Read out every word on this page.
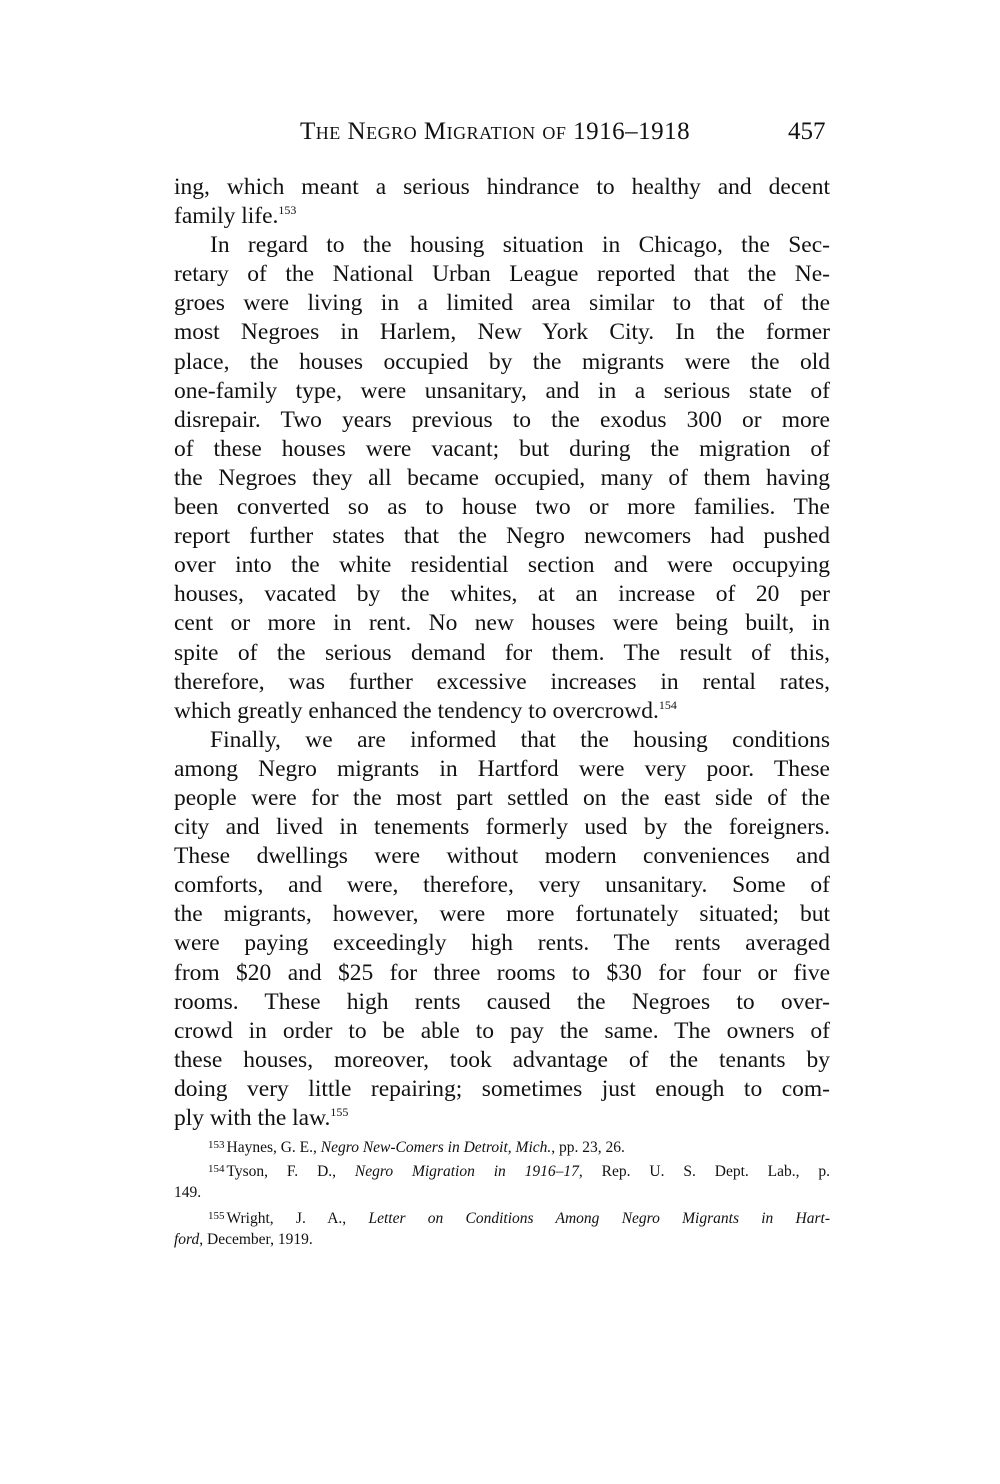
The Negro Migration of 1916–1918	457
ing, which meant a serious hindrance to healthy and decent
family life.$^{153}$
In regard to the housing situation in Chicago, the Sec-
retary of the National Urban League reported that the Ne-
groes were living in a limited area similar to that of the
most Negroes in Harlem, New York City. In the former
place, the houses occupied by the migrants were the old
one-family type, were unsanitary, and in a serious state of
disrepair. Two years previous to the exodus 300 or more
of these houses were vacant; but during the migration of
the Negroes they all became occupied, many of them having
been converted so as to house two or more families. The
report further states that the Negro newcomers had pushed
over into the white residential section and were occupying
houses, vacated by the whites, at an increase of 20 per
cent or more in rent. No new houses were being built, in
spite of the serious demand for them. The result of this,
therefore, was further excessive increases in rental rates,
which greatly enhanced the tendency to overcrowd.$^{154}$
Finally, we are informed that the housing conditions
among Negro migrants in Hartford were very poor. These
people were for the most part settled on the east side of the
city and lived in tenements formerly used by the foreigners.
These dwellings were without modern conveniences and
comforts, and were, therefore, very unsanitary. Some of
the migrants, however, were more fortunately situated; but
were paying exceedingly high rents. The rents averaged
from $20 and $25 for three rooms to $30 for four or five
rooms. These high rents caused the Negroes to over-
crowd in order to be able to pay the same. The owners of
these houses, moreover, took advantage of the tenants by
doing very little repairing; sometimes just enough to com-
ply with the law.$^{155}$
$^{153}$ Haynes, G. E., Negro New-Comers in Detroit, Mich., pp. 23, 26.
$^{154}$ Tyson, F. D., Negro Migration in 1916–17, Rep. U. S. Dept. Lab., p.
149.
$^{155}$ Wright, J. A., Letter on Conditions Among Negro Migrants in Hart-
ford, December, 1919.
